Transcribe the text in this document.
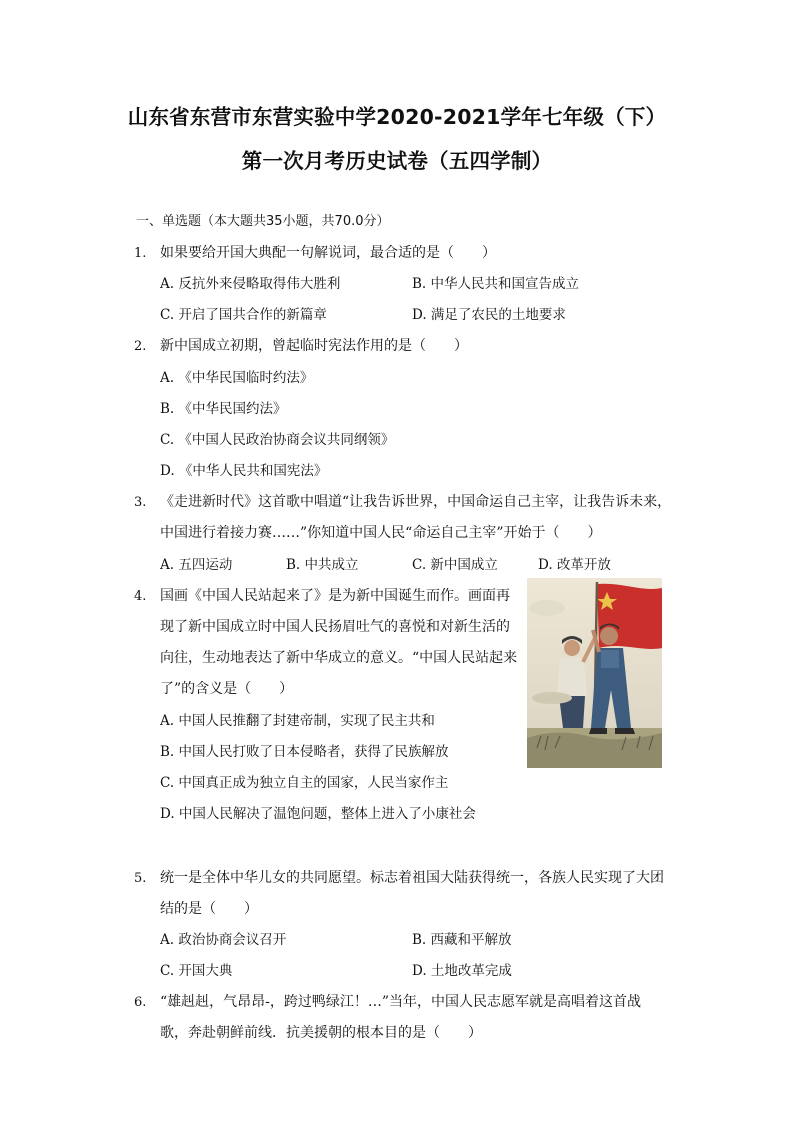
山东省东营市东营实验中学2020-2021学年七年级（下）
第一次月考历史试卷（五四学制）
一、单选题（本大题共35小题，共70.0分）
1. 如果要给开国大典配一句解说词，最合适的是（　　）
A. 反抗外来侵略取得伟大胜利	B. 中华人民共和国宣告成立
C. 开启了国共合作的新篇章	D. 满足了农民的土地要求
2. 新中国成立初期，曾起临时宪法作用的是（　　）
A. 《中华民国临时约法》
B. 《中华民国约法》
C. 《中国人民政治协商会议共同纲领》
D. 《中华人民共和国宪法》
3. 《走进新时代》这首歌中唱道“让我告诉世界，中国命运自己主宰，让我告诉未来，
中国进行着接力赛……”你知道中国人民“命运自己主宰”开始于（　　）
A. 五四运动	B. 中共成立	C. 新中国成立	D. 改革开放
4. 国画《中国人民站起来了》是为新中国诞生而作。画面再
现了新中国成立时中国人民扬眉吐气的喜悦和对新生活的
向往，生动地表达了新中华成立的意义。“中国人民站起来
了”的含义是（　　）
A. 中国人民推翻了封建帝制，实现了民主共和
B. 中国人民打败了日本侵略者，获得了民族解放
C. 中国真正成为独立自主的国家，人民当家作主
D. 中国人民解决了温饱问题，整体上进入了小康社会
5. 统一是全体中华儿女的共同愿望。标志着祖国大陆获得统一，各族人民实现了大团
结的是（　　）
A. 政治协商会议召开	B. 西藏和平解放
C. 开国大典	D. 土地改革完成
6. “雄赳赳，气昂昂-，跨过鸭绿江！…”当年，中国人民志愿军就是高唱着这首战
歌，奔赴朝鲜前线．抗美援朝的根本目的是（　　）
